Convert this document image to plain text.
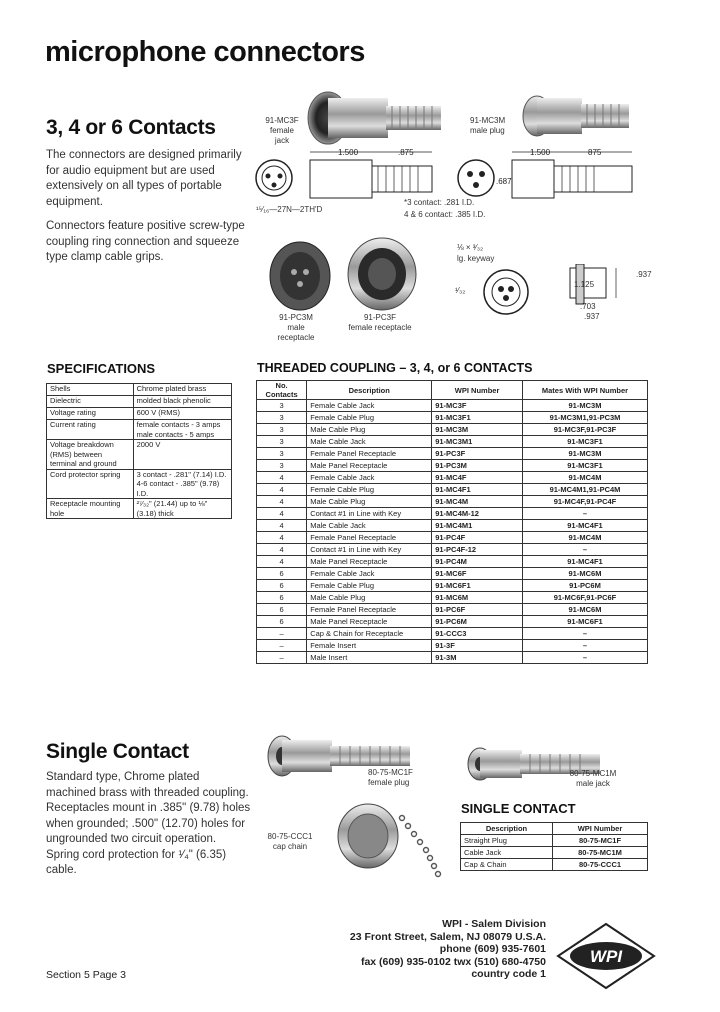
microphone connectors
3, 4 or 6 Contacts
The connectors are designed primarily for audio equipment but are used extensively on all types of portable equipment.
Connectors feature positive screw-type coupling ring connection and squeeze type clamp cable grips.
91-MC3F
female jack
91-MC3M
male plug
1.500	.875
¹⁵⁄₁₆—27N—2TH'D
1.500	875
.687
*3 contact: .281 I.D.
4 & 6 contact: .385 I.D.
91-PC3M
male receptacle
91-PC3F
female receptacle
⅛ × ³⁄₃₂
lg. keyway
¹⁄₃₂
1.125
.937
.703
.937
SPECIFICATIONS
Shells	Chrome plated brass
Dielectric	molded black phenolic
Voltage rating	600 V (RMS)
Current rating	female contacts - 3 amps male contacts - 5 amps
Voltage breakdown (RMS) between terminal and ground	2000 V
Cord protector spring	3 contact - .281" (7.14) I.D. 4-6 contact - .385" (9.78) I.D.
Receptacle mounting hole	²⁷⁄₃₂" (21.44) up to ⅛" (3.18) thick
THREADED COUPLING – 3, 4, or 6 CONTACTS
No. Contacts	Description	WPI Number	Mates With WPI Number
3	Female Cable Jack	91-MC3F	91-MC3M
3	Female Cable Plug	91-MC3F1	91-MC3M1,91-PC3M
3	Male Cable Plug	91-MC3M	91-MC3F,91-PC3F
3	Male Cable Jack	91-MC3M1	91-MC3F1
3	Female Panel Receptacle	91-PC3F	91-MC3M
3	Male Panel Receptacle	91-PC3M	91-MC3F1
4	Female Cable Jack	91-MC4F	91-MC4M
4	Female Cable Plug	91-MC4F1	91-MC4M1,91-PC4M
4	Male Cable Plug	91-MC4M	91-MC4F,91-PC4F
4	Contact #1 in Line with Key	91-MC4M-12	–
4	Male Cable Jack	91-MC4M1	91-MC4F1
4	Female Panel Receptacle	91-PC4F	91-MC4M
4	Contact #1 in Line with Key	91-PC4F-12	–
4	Male Panel Receptacle	91-PC4M	91-MC4F1
6	Female Cable Jack	91-MC6F	91-MC6M
6	Female Cable Plug	91-MC6F1	91-PC6M
6	Male Cable Plug	91-MC6M	91-MC6F,91-PC6F
6	Female Panel Receptacle	91-PC6F	91-MC6M
6	Male Panel Receptacle	91-PC6M	91-MC6F1
–	Cap & Chain for Receptacle	91-CCC3	–
–	Female Insert	91-3F	–
–	Male Insert	91-3M	–
Single Contact
Standard type, Chrome plated machined brass with threaded coupling. Receptacles mount in .385" (9.78) holes when grounded; .500" (12.70) holes for ungrounded two circuit operation. Spring cord protection for ¹⁄₄" (6.35) cable.
80-75-MC1F
female plug
80-75-MC1M
male jack
80-75-CCC1
cap chain
SINGLE CONTACT
Description	WPI Number
Straight Plug	80-75-MC1F
Cable Jack	80-75-MC1M
Cap & Chain	80-75-CCC1
WPI - Salem Division
23 Front Street, Salem, NJ 08079 U.S.A.
phone (609) 935-7601
fax (609) 935-0102 twx (510) 680-4750
country code 1
WPI
Section 5 Page 3
